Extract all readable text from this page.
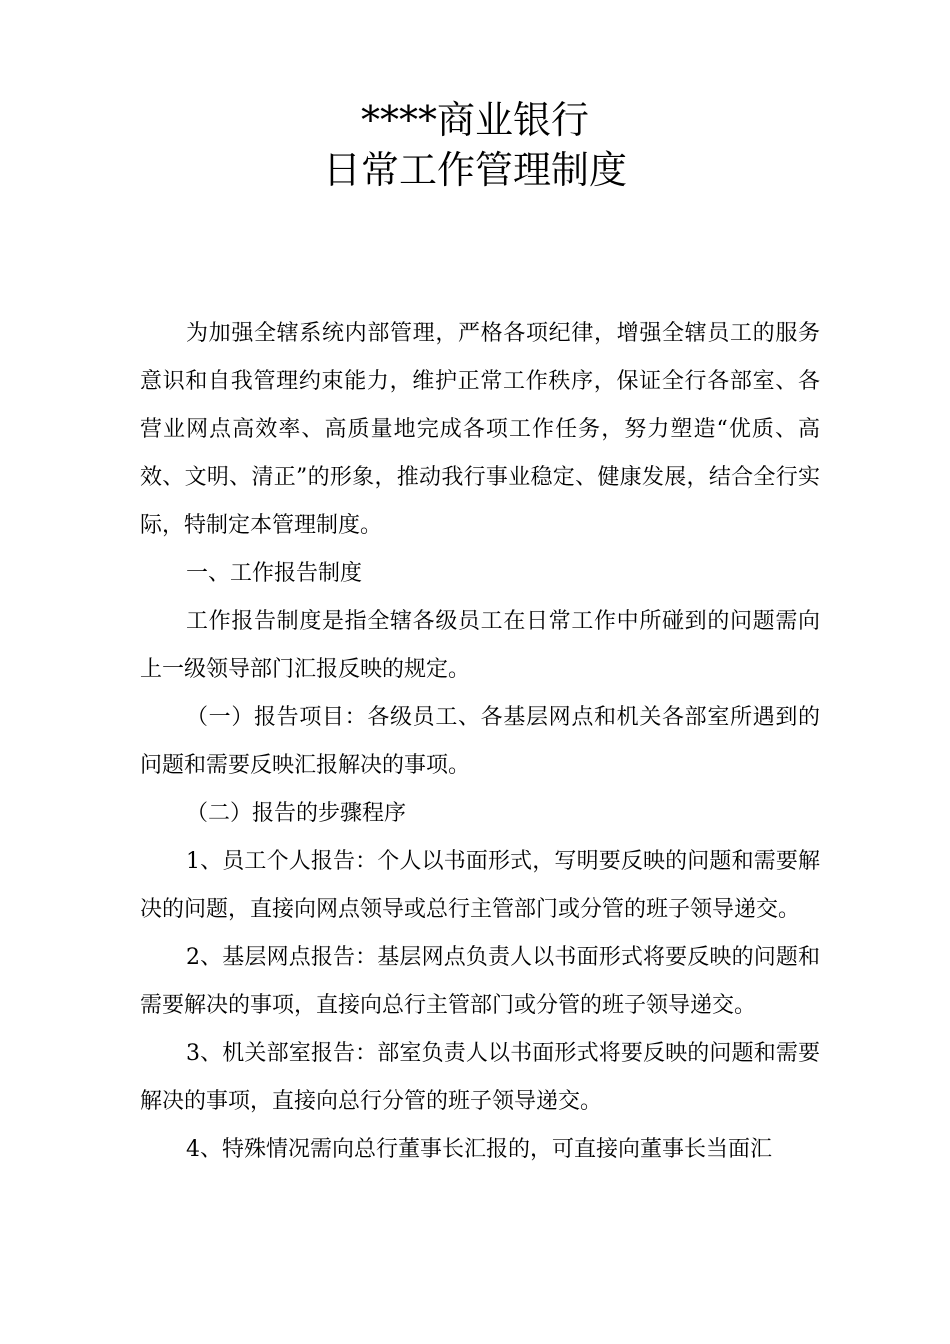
****商业银行
日常工作管理制度

为加强全辖系统内部管理，严格各项纪律，增强全辖员工的服务意识和自我管理约束能力，维护正常工作秩序，保证全行各部室、各营业网点高效率、高质量地完成各项工作任务，努力塑造“优质、高效、文明、清正”的形象，推动我行事业稳定、健康发展，结合全行实际，特制定本管理制度。

一、工作报告制度

工作报告制度是指全辖各级员工在日常工作中所碰到的问题需向上一级领导部门汇报反映的规定。

（一）报告项目：各级员工、各基层网点和机关各部室所遇到的问题和需要反映汇报解决的事项。

（二）报告的步骤程序

1、员工个人报告：个人以书面形式，写明要反映的问题和需要解决的问题，直接向网点领导或总行主管部门或分管的班子领导递交。

2、基层网点报告：基层网点负责人以书面形式将要反映的问题和需要解决的事项，直接向总行主管部门或分管的班子领导递交。

3、机关部室报告：部室负责人以书面形式将要反映的问题和需要解决的事项，直接向总行分管的班子领导递交。

4、特殊情况需向总行董事长汇报的，可直接向董事长当面汇
